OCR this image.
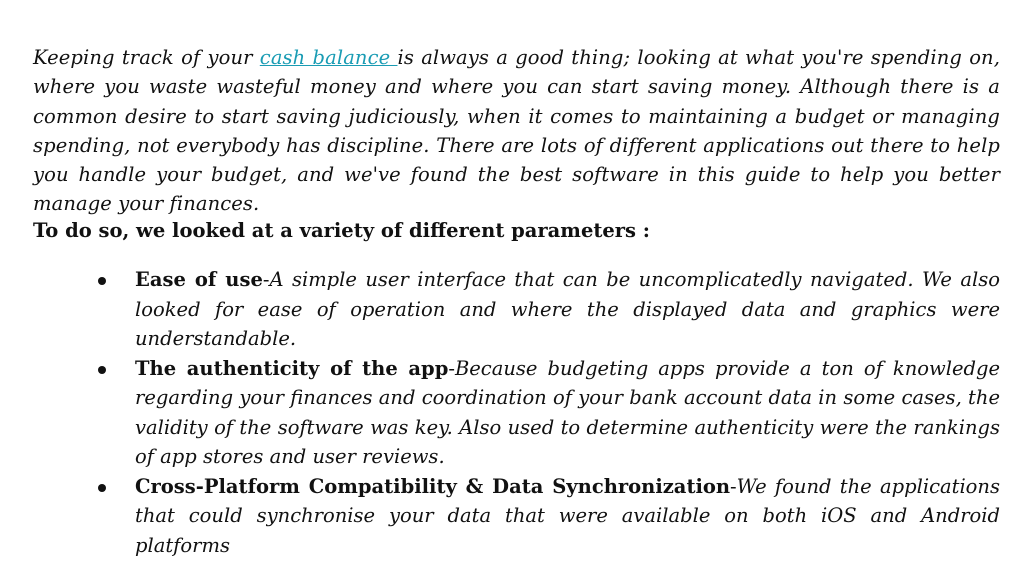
Keeping track of your cash balance is always a good thing; looking at what you're spending on, where you waste wasteful money and where you can start saving money. Although there is a common desire to start saving judiciously, when it comes to maintaining a budget or managing spending, not everybody has discipline. There are lots of different applications out there to help you handle your budget, and we've found the best software in this guide to help you better manage your finances.

To do so, we looked at a variety of different parameters :

Ease of use-A simple user interface that can be uncomplicatedly navigated. We also looked for ease of operation and where the displayed data and graphics were understandable.
The authenticity of the app-Because budgeting apps provide a ton of knowledge regarding your finances and coordination of your bank account data in some cases, the validity of the software was key. Also used to determine authenticity were the rankings of app stores and user reviews.
Cross-Platform Compatibility & Data Synchronization-We found the applications that could synchronise your data that were available on both iOS and Android platforms
